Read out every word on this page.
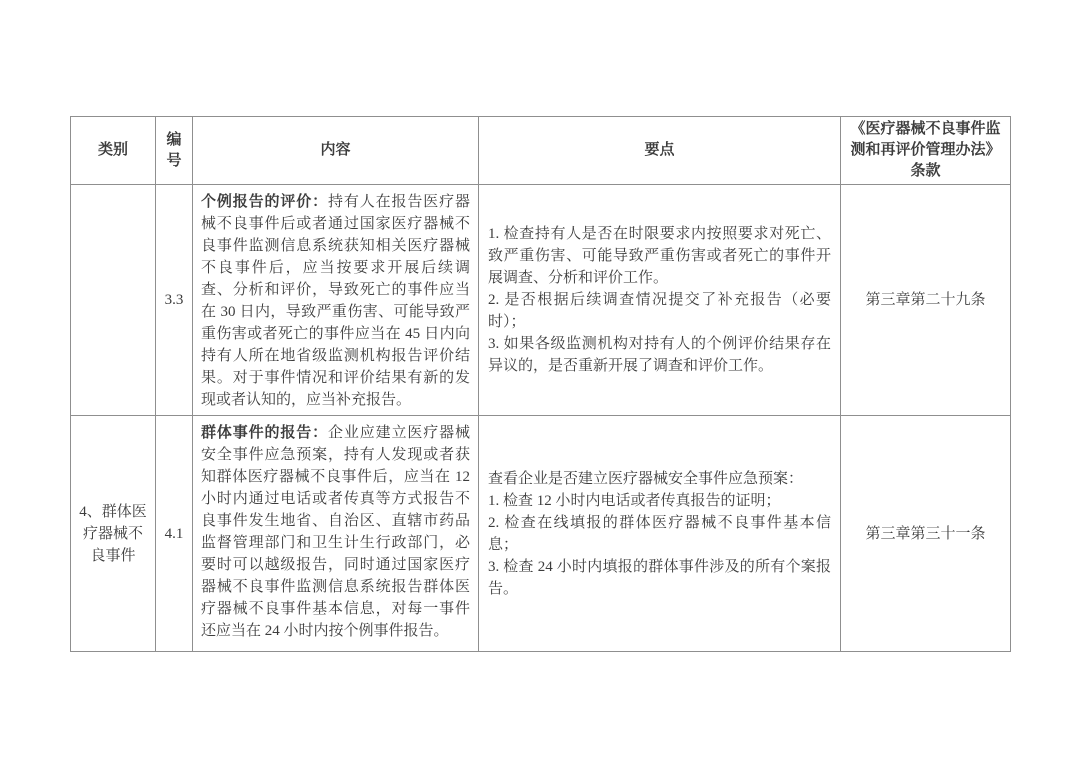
类别	编号	内容	要点	《医疗器械不良事件监测和再评价管理办法》条款
	3.3	个例报告的评价：持有人在报告医疗器械不良事件后或者通过国家医疗器械不良事件监测信息系统获知相关医疗器械不良事件后，应当按要求开展后续调查、分析和评价，导致死亡的事件应当在 30 日内，导致严重伤害、可能导致严重伤害或者死亡的事件应当在 45 日内向持有人所在地省级监测机构报告评价结果。对于事件情况和评价结果有新的发现或者认知的，应当补充报告。	1. 检查持有人是否在时限要求内按照要求对死亡、致严重伤害、可能导致严重伤害或者死亡的事件开展调查、分析和评价工作。
2. 是否根据后续调查情况提交了补充报告（必要时）；
3. 如果各级监测机构对持有人的个例评价结果存在异议的，是否重新开展了调查和评价工作。	第三章第二十九条
4、群体医疗器械不良事件	4.1	群体事件的报告：企业应建立医疗器械安全事件应急预案，持有人发现或者获知群体医疗器械不良事件后，应当在 12 小时内通过电话或者传真等方式报告不良事件发生地省、自治区、直辖市药品监督管理部门和卫生计生行政部门，必要时可以越级报告，同时通过国家医疗器械不良事件监测信息系统报告群体医疗器械不良事件基本信息，对每一事件还应当在 24 小时内按个例事件报告。	查看企业是否建立医疗器械安全事件应急预案：
1. 检查 12 小时内电话或者传真报告的证明；
2. 检查在线填报的群体医疗器械不良事件基本信息；
3. 检查 24 小时内填报的群体事件涉及的所有个案报告。	第三章第三十一条
